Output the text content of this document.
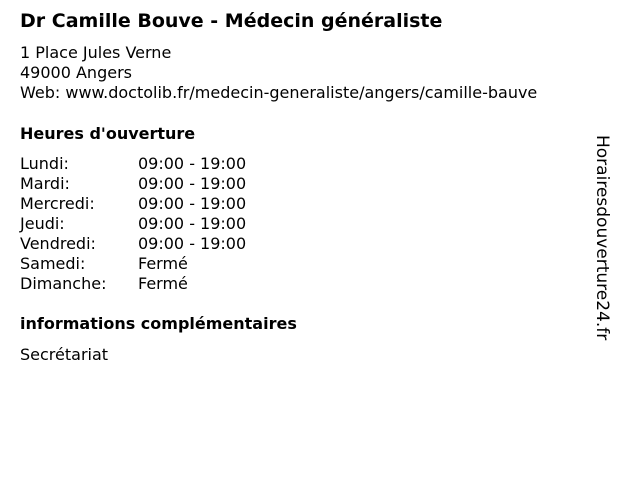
Dr Camille Bouve - Médecin généraliste
1 Place Jules Verne
49000 Angers
Web: www.doctolib.fr/medecin-generaliste/angers/camille-bauve
Heures d'ouverture
Lundi:	09:00 - 19:00
Mardi:	09:00 - 19:00
Mercredi:	09:00 - 19:00
Jeudi:	09:00 - 19:00
Vendredi:	09:00 - 19:00
Samedi:	Fermé
Dimanche: Fermé
informations complémentaires
Secrétariat
Horairesdouverture24.fr
